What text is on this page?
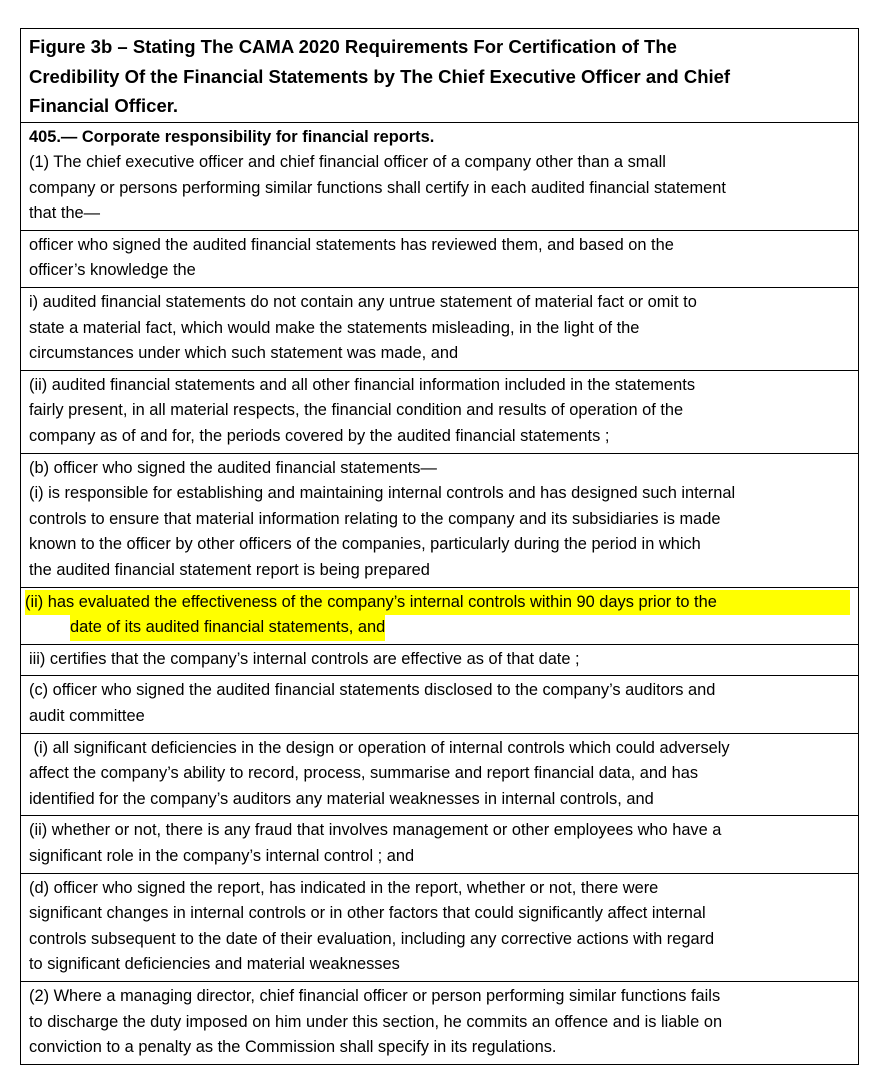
Figure 3b – Stating The CAMA 2020 Requirements For Certification of The
Credibility Of the Financial Statements by The Chief Executive Officer and Chief
Financial Officer.

405.— Corporate responsibility for financial reports.
(1) The chief executive officer and chief financial officer of a company other than a small
company or persons performing similar functions shall certify in each audited financial statement
that the—

officer who signed the audited financial statements has reviewed them, and based on the
officer’s knowledge the

i) audited financial statements do not contain any untrue statement of material fact or omit to
state a material fact, which would make the statements misleading, in the light of the
circumstances under which such statement was made, and

(ii) audited financial statements and all other financial information included in the statements
fairly present, in all material respects, the financial condition and results of operation of the
company as of and for, the periods covered by the audited financial statements ;

(b) officer who signed the audited financial statements—
(i) is responsible for establishing and maintaining internal controls and has designed such internal
controls to ensure that material information relating to the company and its subsidiaries is made
known to the officer by other officers of the companies, particularly during the period in which
the audited financial statement report is being prepared

(ii) has evaluated the effectiveness of the company’s internal controls within 90 days prior to the
date of its audited financial statements, and

iii) certifies that the company’s internal controls are effective as of that date ;

(c) officer who signed the audited financial statements disclosed to the company’s auditors and
audit committee

(i) all significant deficiencies in the design or operation of internal controls which could adversely
affect the company’s ability to record, process, summarise and report financial data, and has
identified for the company’s auditors any material weaknesses in internal controls, and

(ii) whether or not, there is any fraud that involves management or other employees who have a
significant role in the company’s internal control ; and

(d) officer who signed the report, has indicated in the report, whether or not, there were
significant changes in internal controls or in other factors that could significantly affect internal
controls subsequent to the date of their evaluation, including any corrective actions with regard
to significant deficiencies and material weaknesses

(2) Where a managing director, chief financial officer or person performing similar functions fails
to discharge the duty imposed on him under this section, he commits an offence and is liable on
conviction to a penalty as the Commission shall specify in its regulations.
